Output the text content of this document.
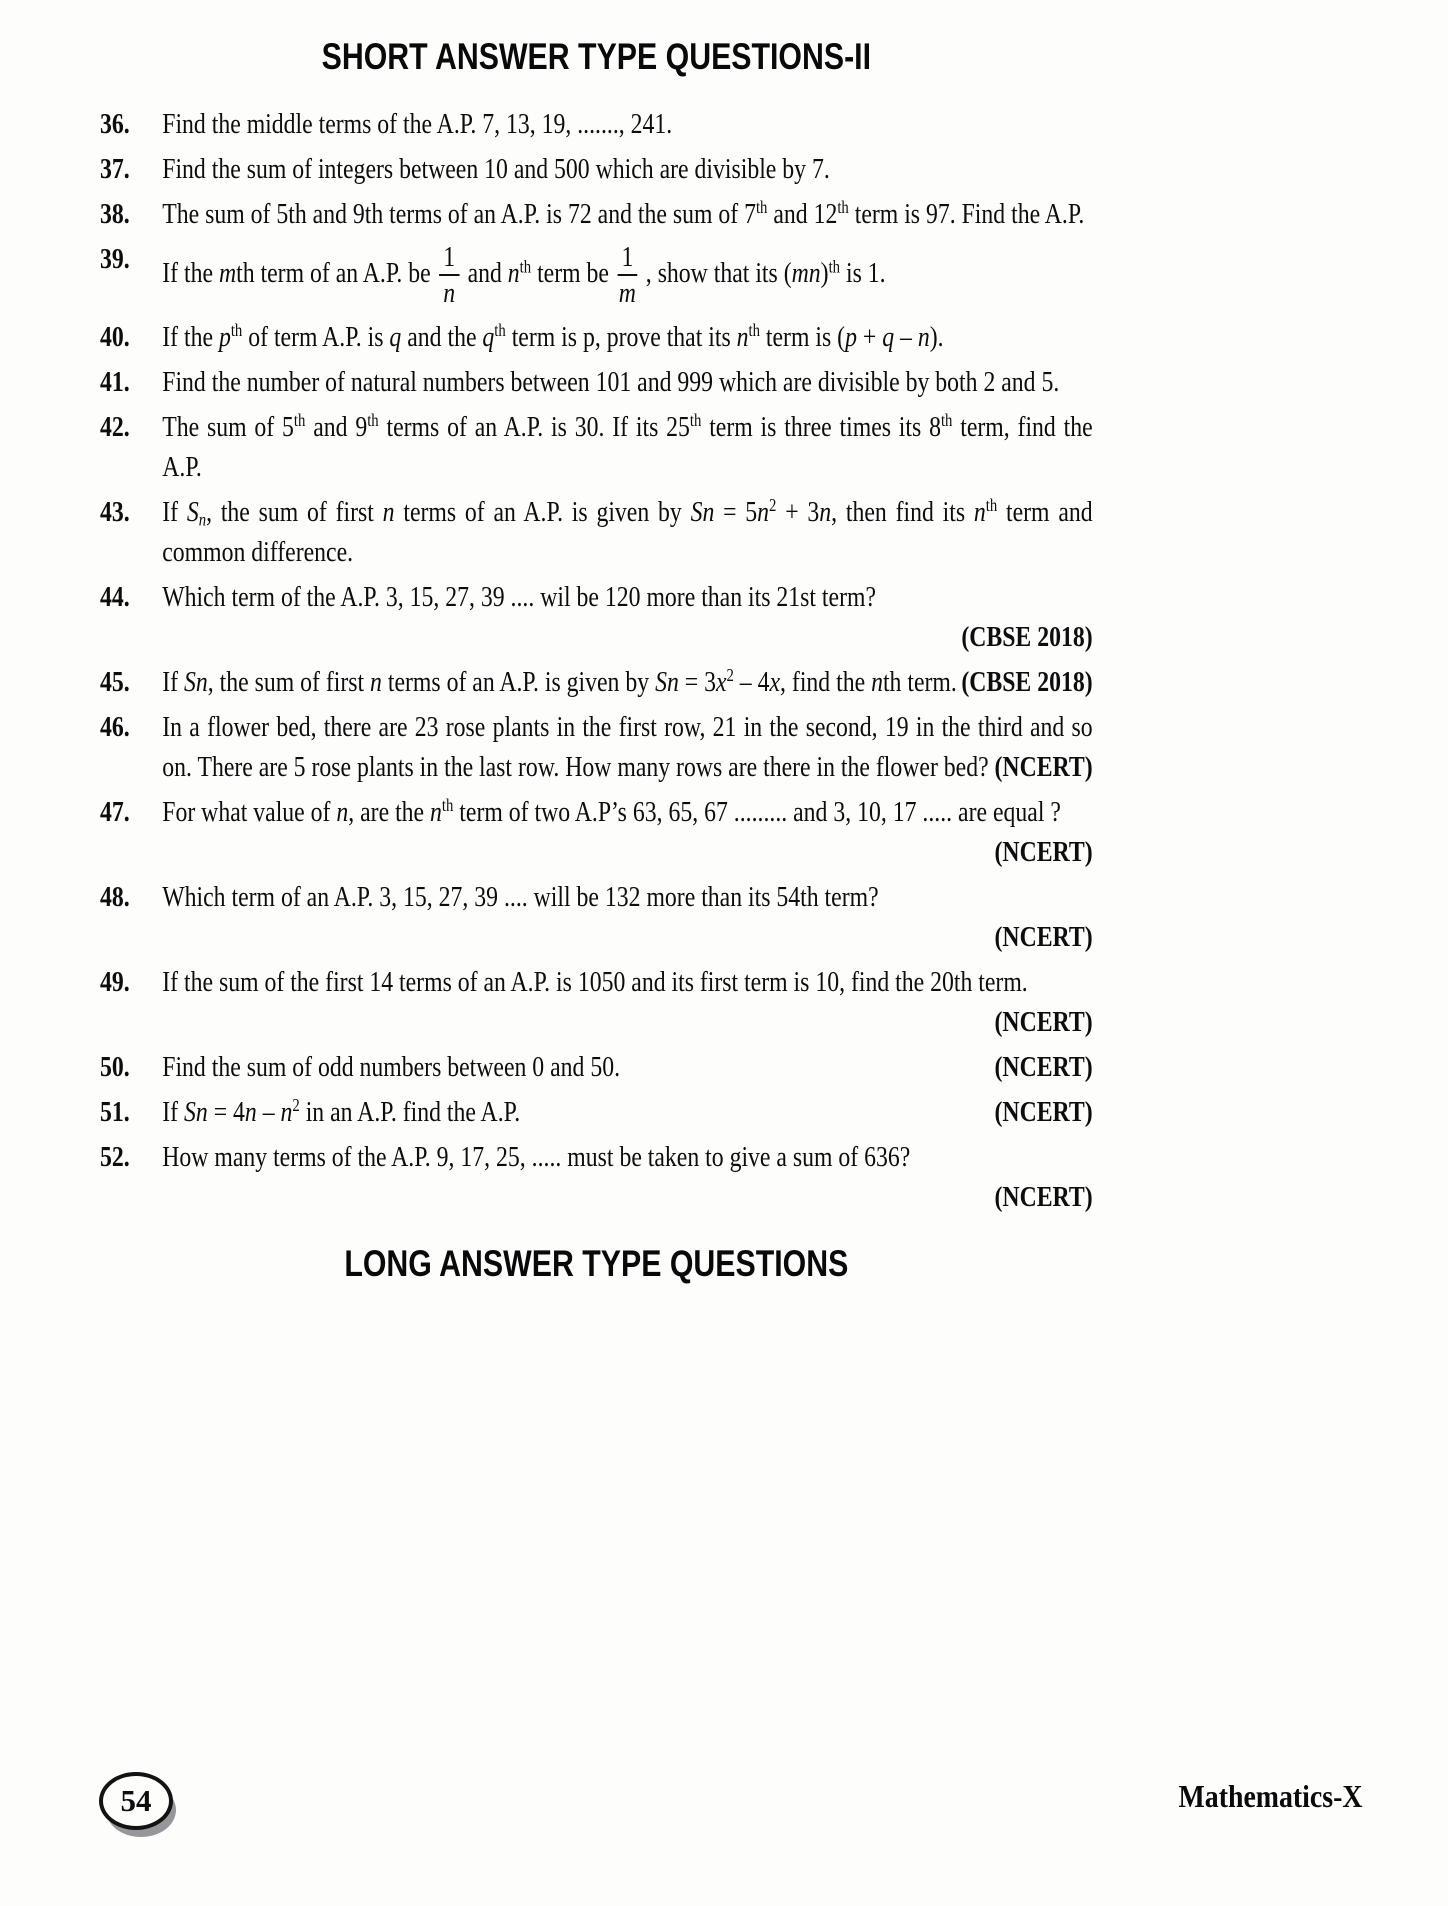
SHORT ANSWER TYPE QUESTIONS-II
36.	Find the middle terms of the A.P. 7, 13, 19, ......., 241.
37.	Find the sum of integers between 10 and 500 which are divisible by 7.
38.	The sum of 5th and 9th terms of an A.P. is 72 and the sum of 7th and 12th term is 97. Find the A.P.
39.	If the mth term of an A.P. be $\frac{1}{n}$ and $n^{th}$ term be $\frac{1}{m}$ , show that its (mn)$^{th}$ is 1.
40.	If the $p^{th}$ of term A.P. is q and the $q^{th}$ term is p, prove that its $n^{th}$ term is (p + q – n).
41.	Find the number of natural numbers between 101 and 999 which are divisible by both 2 and 5.
42.	The sum of 5th and 9th terms of an A.P. is 30. If its 25th term is three times its 8th term, find the A.P.
43.	If $S_n$, the sum of first n terms of an A.P. is given by $Sn = 5n^2 + 3n$, then find its $n^{th}$ term and common difference.
44.	Which term of the A.P. 3, 15, 27, 39 .... wil be 120 more than its 21st term?
(CBSE 2018)
45.	If Sn, the sum of first n terms of an A.P. is given by $Sn = 3x^2 - 4x$, find the nth term. (CBSE 2018)
46.	In a flower bed, there are 23 rose plants in the first row, 21 in the second, 19 in the third and so on. There are 5 rose plants in the last row. How many rows are there in the flower bed? (NCERT)
47.	For what value of n, are the $n^{th}$ term of two A.P’s 63, 65, 67 ......... and 3, 10, 17 ..... are equal ?
(NCERT)
48.	Which term of an A.P. 3, 15, 27, 39 .... will be 132 more than its 54th term?
(NCERT)
49.	If the sum of the first 14 terms of an A.P. is 1050 and its first term is 10, find the 20th term.
(NCERT)
50.	Find the sum of odd numbers between 0 and 50.	(NCERT)
51.	If $Sn = 4n - n^2$ in an A.P. find the A.P.	(NCERT)
52.	How many terms of the A.P. 9, 17, 25, ..... must be taken to give a sum of 636?
(NCERT)
LONG ANSWER TYPE QUESTIONS
54	Mathematics-X
